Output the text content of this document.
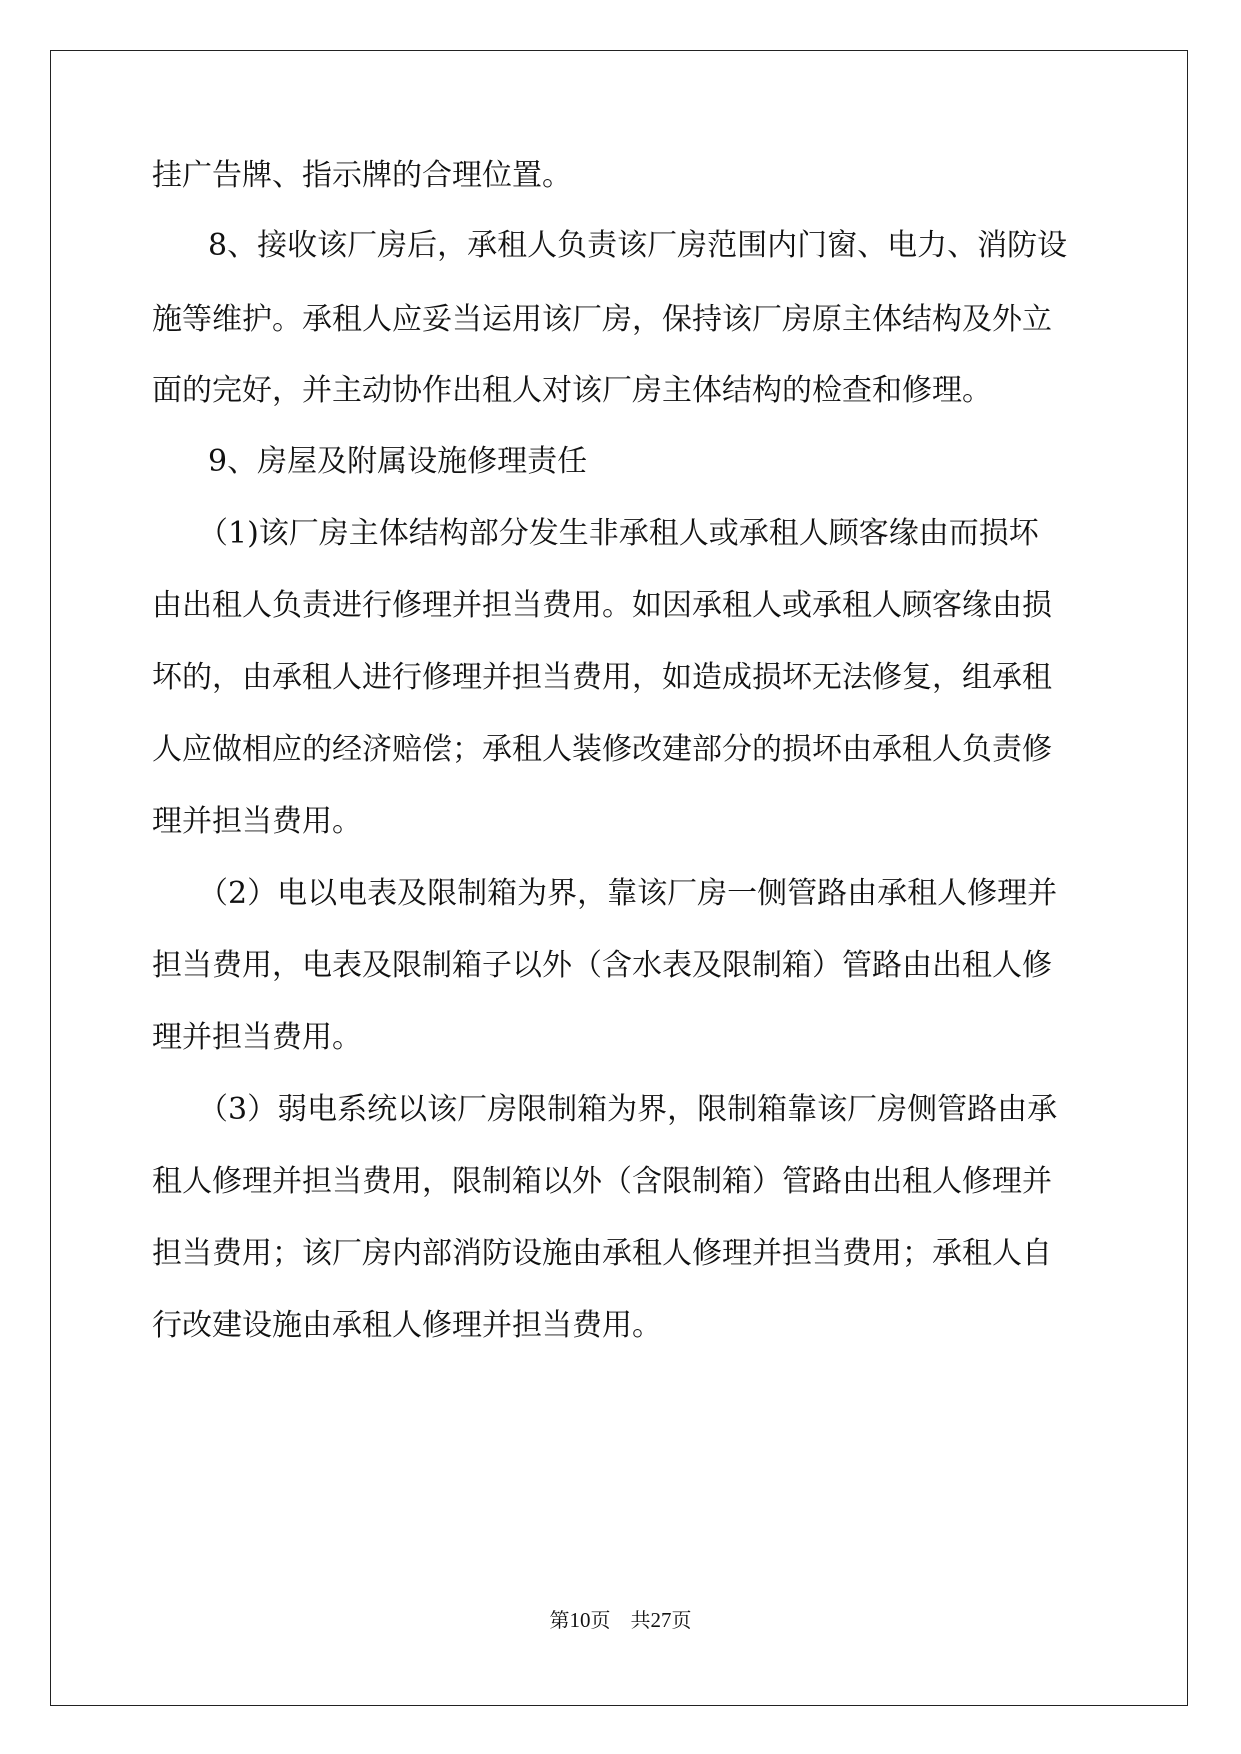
挂广告牌、指示牌的合理位置。
8、接收该厂房后，承租人负责该厂房范围内门窗、电力、消防设
施等维护。承租人应妥当运用该厂房，保持该厂房原主体结构及外立
面的完好，并主动协作出租人对该厂房主体结构的检查和修理。
9、房屋及附属设施修理责任
（1)该厂房主体结构部分发生非承租人或承租人顾客缘由而损坏
由出租人负责进行修理并担当费用。如因承租人或承租人顾客缘由损
坏的，由承租人进行修理并担当费用，如造成损坏无法修复，组承租
人应做相应的经济赔偿；承租人装修改建部分的损坏由承租人负责修
理并担当费用。
（2）电以电表及限制箱为界，靠该厂房一侧管路由承租人修理并
担当费用，电表及限制箱子以外（含水表及限制箱）管路由出租人修
理并担当费用。
（3）弱电系统以该厂房限制箱为界，限制箱靠该厂房侧管路由承
租人修理并担当费用，限制箱以外（含限制箱）管路由出租人修理并
担当费用；该厂房内部消防设施由承租人修理并担当费用；承租人自
行改建设施由承租人修理并担当费用。
第10页　共27页
